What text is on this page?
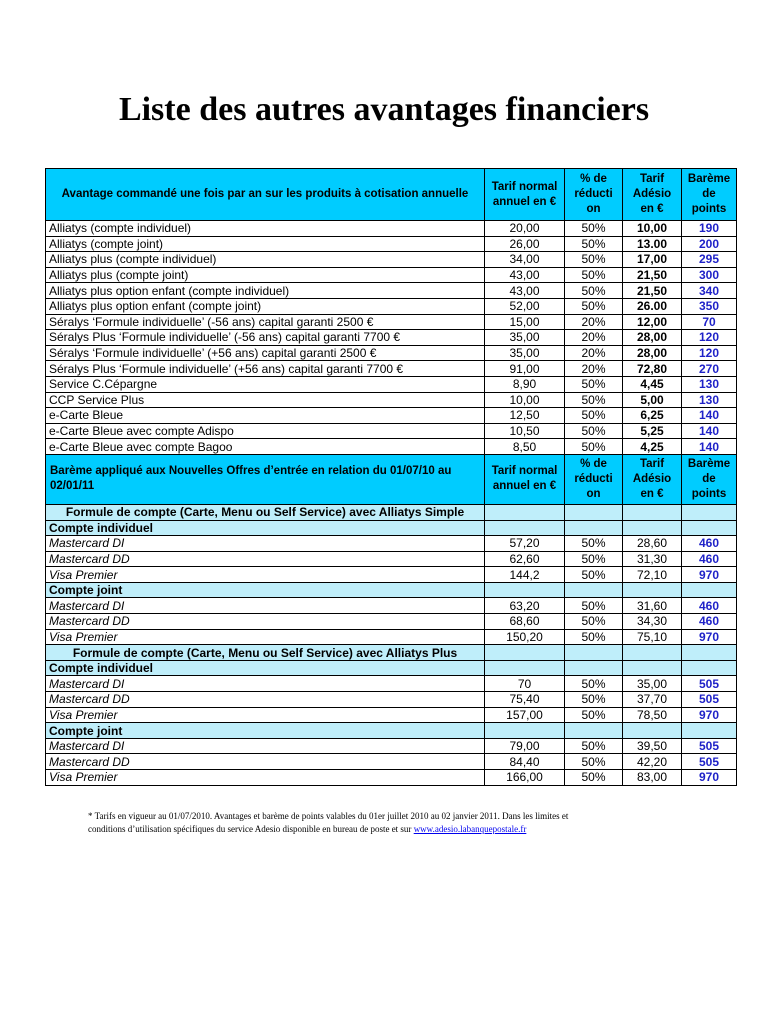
Liste des autres avantages financiers
Avantage commandé une fois par an sur les produits à cotisation annuelle	Tarif normal annuel en €	% de réducti on	Tarif Adésio en €	Barème de points
Alliatys (compte individuel)	20,00	50%	10,00	190
Alliatys (compte joint)	26,00	50%	13.00	200
Alliatys plus (compte individuel)	34,00	50%	17,00	295
Alliatys plus (compte joint)	43,00	50%	21,50	300
Alliatys plus option enfant (compte individuel)	43,00	50%	21,50	340
Alliatys plus option enfant (compte joint)	52,00	50%	26.00	350
Séralys ‘Formule individuelle’ (-56 ans) capital garanti 2500 €	15,00	20%	12,00	70
Séralys Plus ‘Formule individuelle’ (-56 ans) capital garanti 7700 €	35,00	20%	28,00	120
Séralys ‘Formule individuelle’ (+56 ans) capital garanti 2500 €	35,00	20%	28,00	120
Séralys Plus ‘Formule individuelle’ (+56 ans) capital garanti 7700 €	91,00	20%	72,80	270
Service C.Cépargne	8,90	50%	4,45	130
CCP Service Plus	10,00	50%	5,00	130
e-Carte Bleue	12,50	50%	6,25	140
e-Carte Bleue avec compte Adispo	10,50	50%	5,25	140
e-Carte Bleue avec compte Bagoo	8,50	50%	4,25	140
Barème appliqué aux Nouvelles Offres d’entrée en relation du 01/07/10 au 02/01/11	Tarif normal annuel en €	% de réducti on	Tarif Adésio en €	Barème de points
Formule de compte (Carte, Menu ou Self Service) avec Alliatys Simple				
Compte individuel				
Mastercard DI	57,20	50%	28,60	460
Mastercard DD	62,60	50%	31,30	460
Visa Premier	144,2	50%	72,10	970
Compte joint				
Mastercard DI	63,20	50%	31,60	460
Mastercard DD	68,60	50%	34,30	460
Visa Premier	150,20	50%	75,10	970
Formule de compte (Carte, Menu ou Self Service) avec Alliatys Plus				
Compte individuel				
Mastercard DI	70	50%	35,00	505
Mastercard DD	75,40	50%	37,70	505
Visa Premier	157,00	50%	78,50	970
Compte joint				
Mastercard DI	79,00	50%	39,50	505
Mastercard DD	84,40	50%	42,20	505
Visa Premier	166,00	50%	83,00	970
* Tarifs en vigueur au 01/07/2010. Avantages et barème de points valables du 01er juillet 2010 au 02 janvier 2011. Dans les limites et
conditions d’utilisation spécifiques du service Adesio disponible en bureau de poste et sur www.adesio.labanquepostale.fr
